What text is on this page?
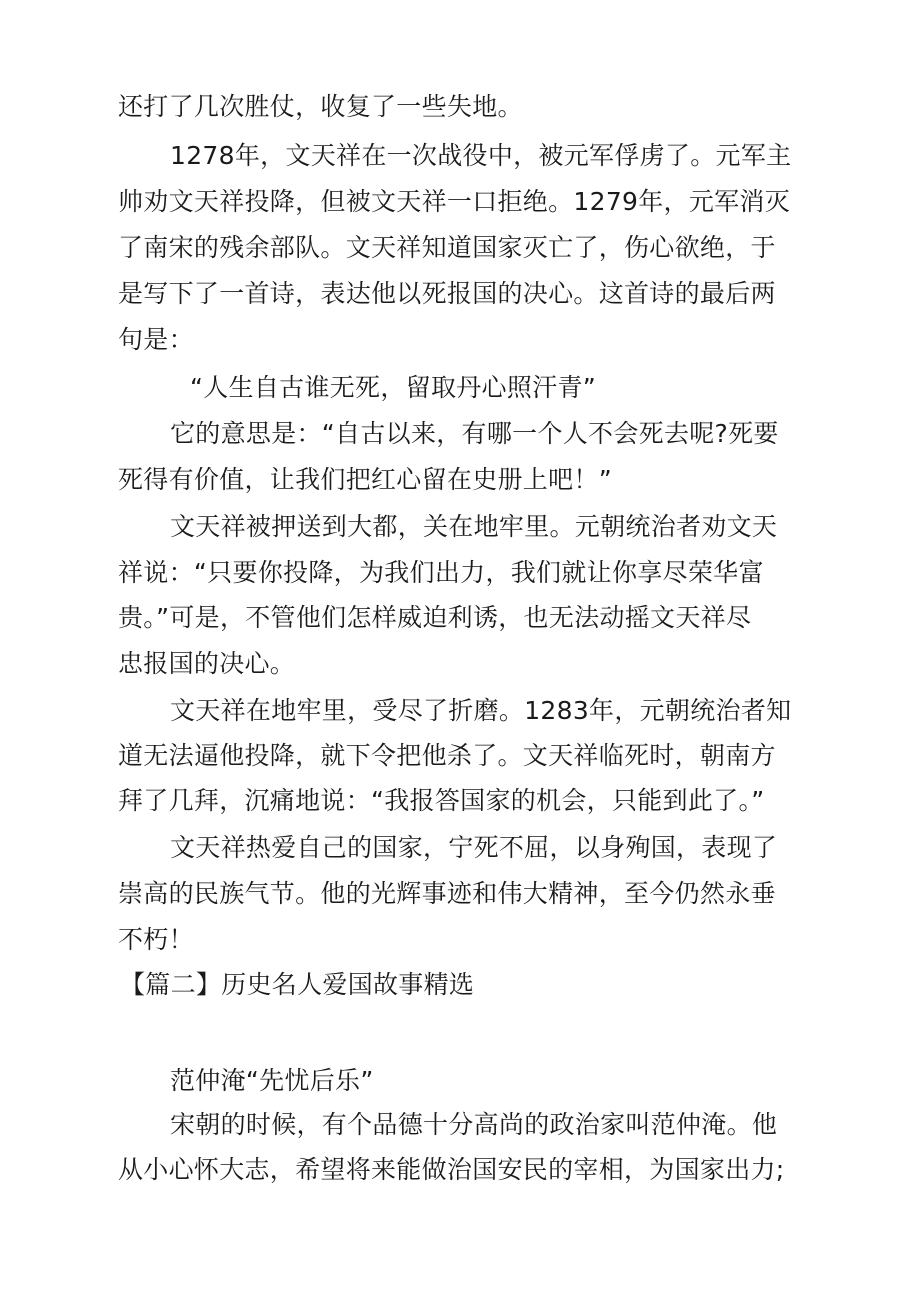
还打了几次胜仗，收复了一些失地。
1278年，文天祥在一次战役中，被元军俘虏了。元军主
帅劝文天祥投降，但被文天祥一口拒绝。1279年，元军消灭
了南宋的残余部队。文天祥知道国家灭亡了，伤心欲绝，于
是写下了一首诗，表达他以死报国的决心。这首诗的最后两
句是：
“人生自古谁无死，留取丹心照汗青”
它的意思是：“自古以来，有哪一个人不会死去呢?死要
死得有价值，让我们把红心留在史册上吧！”
文天祥被押送到大都，关在地牢里。元朝统治者劝文天
祥说：“只要你投降，为我们出力，我们就让你享尽荣华富
贵。”可是，不管他们怎样威迫利诱，也无法动摇文天祥尽
忠报国的决心。
文天祥在地牢里，受尽了折磨。1283年，元朝统治者知
道无法逼他投降，就下令把他杀了。文天祥临死时，朝南方
拜了几拜，沉痛地说：“我报答国家的机会，只能到此了。”
文天祥热爱自己的国家，宁死不屈，以身殉国，表现了
崇高的民族气节。他的光辉事迹和伟大精神，至今仍然永垂
不朽！
【篇二】历史名人爱国故事精选
范仲淹“先忧后乐”
宋朝的时候，有个品德十分高尚的政治家叫范仲淹。他
从小心怀大志，希望将来能做治国安民的宰相，为国家出力;
